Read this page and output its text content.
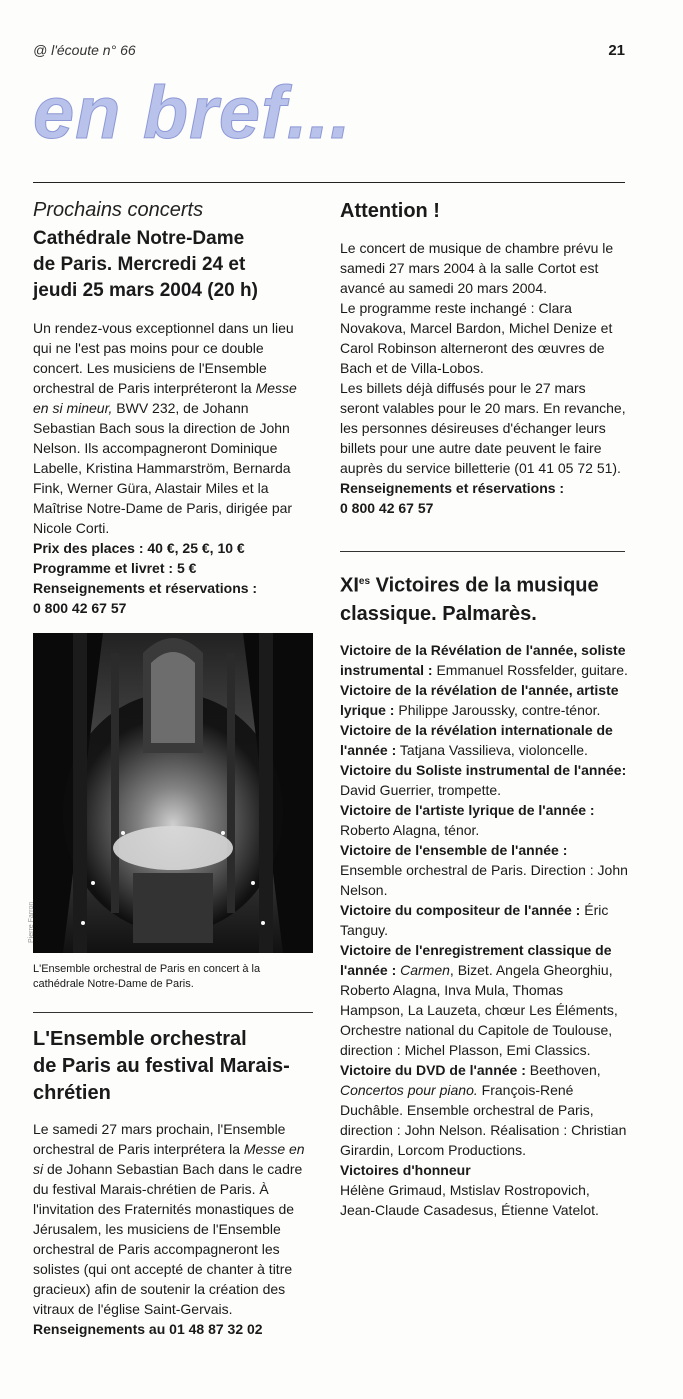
@ l'écoute n° 66	21
en bref...
Prochains concerts
Cathédrale Notre-Dame
de Paris. Mercredi 24 et
jeudi 25 mars 2004 (20 h)

Un rendez-vous exceptionnel dans un lieu qui ne l'est pas moins pour ce double concert. Les musiciens de l'Ensemble orchestral de Paris interpréteront la Messe en si mineur, BWV 232, de Johann Sebastian Bach sous la direction de John Nelson. Ils accompagneront Dominique Labelle, Kristina Hammarström, Bernarda Fink, Werner Güra, Alastair Miles et la Maîtrise Notre-Dame de Paris, dirigée par Nicole Corti.

Prix des places : 40 €, 25 €, 10 €
Programme et livret : 5 €
Renseignements et réservations :
0 800 42 67 57
Pierre Farron
L'Ensemble orchestral de Paris en concert à la cathédrale Notre-Dame de Paris.
L'Ensemble orchestral
de Paris au festival Marais-
chrétien

Le samedi 27 mars prochain, l'Ensemble orchestral de Paris interprétera la Messe en si de Johann Sebastian Bach dans le cadre du festival Marais-chrétien de Paris. À l'invitation des Fraternités monastiques de Jérusalem, les musiciens de l'Ensemble orchestral de Paris accompagneront les solistes (qui ont accepté de chanter à titre gracieux) afin de soutenir la création des vitraux de l'église Saint-Gervais.

Renseignements au 01 48 87 32 02
Attention !

Le concert de musique de chambre prévu le samedi 27 mars 2004 à la salle Cortot est avancé au samedi 20 mars 2004.

Le programme reste inchangé : Clara Novakova, Marcel Bardon, Michel Denize et Carol Robinson alterneront des œuvres de Bach et de Villa-Lobos.

Les billets déjà diffusés pour le 27 mars seront valables pour le 20 mars. En revanche, les personnes désireuses d'échanger leurs billets pour une autre date peuvent le faire auprès du service billetterie (01 41 05 72 51).

Renseignements et réservations :
0 800 42 67 57
$XI^{es}$ Victoires de la musique
classique. Palmarès.
Victoire de la Révélation de l'année, soliste instrumental : Emmanuel Rossfelder, guitare.
Victoire de la révélation de l'année, artiste lyrique : Philippe Jaroussky, contre-ténor.
Victoire de la révélation internationale de l'année : Tatjana Vassilieva, violoncelle.
Victoire du Soliste instrumental de l'année: David Guerrier, trompette.
Victoire de l'artiste lyrique de l'année : Roberto Alagna, ténor.
Victoire de l'ensemble de l'année : Ensemble orchestral de Paris. Direction : John Nelson.
Victoire du compositeur de l'année : Éric Tanguy.
Victoire de l'enregistrement classique de l'année : Carmen, Bizet. Angela Gheorghiu, Roberto Alagna, Inva Mula, Thomas Hampson, La Lauzeta, chœur Les Éléments, Orchestre national du Capitole de Toulouse, direction : Michel Plasson, Emi Classics.
Victoire du DVD de l'année : Beethoven, Concertos pour piano. François-René Duchâble. Ensemble orchestral de Paris, direction : John Nelson. Réalisation : Christian Girardin, Lorcom Productions.
Victoires d'honneur
Hélène Grimaud, Mstislav Rostropovich, Jean-Claude Casadesus, Étienne Vatelot.
